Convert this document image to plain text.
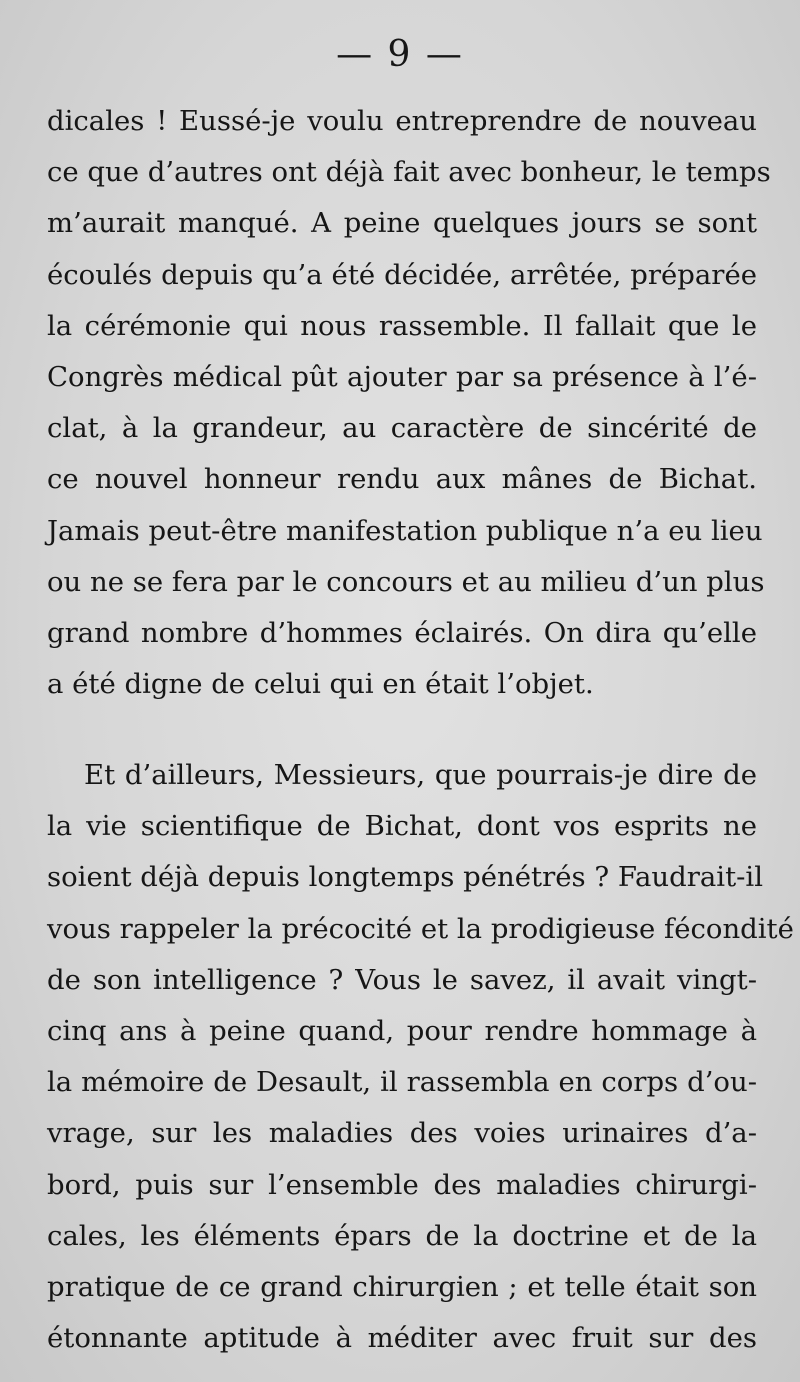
— 9 —
dicales ! Eussé-je voulu entreprendre de nouveau
ce que d’autres ont déjà fait avec bonheur, le temps
m’aurait manqué. A peine quelques jours se sont
écoulés depuis qu’a été décidée, arrêtée, préparée
la cérémonie qui nous rassemble. Il fallait que le
Congrès médical pût ajouter par sa présence à l’é-
clat, à la grandeur, au caractère de sincérité de
ce nouvel honneur rendu aux mânes de Bichat.
Jamais peut-être manifestation publique n’a eu lieu
ou ne se fera par le concours et au milieu d’un plus
grand nombre d’hommes éclairés. On dira qu’elle
a été digne de celui qui en était l’objet.
Et d’ailleurs, Messieurs, que pourrais-je dire de
la vie scientifique de Bichat, dont vos esprits ne
soient déjà depuis longtemps pénétrés ? Faudrait-il
vous rappeler la précocité et la prodigieuse fécondité
de son intelligence ? Vous le savez, il avait vingt-
cinq ans à peine quand, pour rendre hommage à
la mémoire de Desault, il rassembla en corps d’ou-
vrage, sur les maladies des voies urinaires d’a-
bord, puis sur l’ensemble des maladies chirurgi-
cales, les éléments épars de la doctrine et de la
pratique de ce grand chirurgien ; et telle était son
étonnante aptitude à méditer avec fruit sur des
